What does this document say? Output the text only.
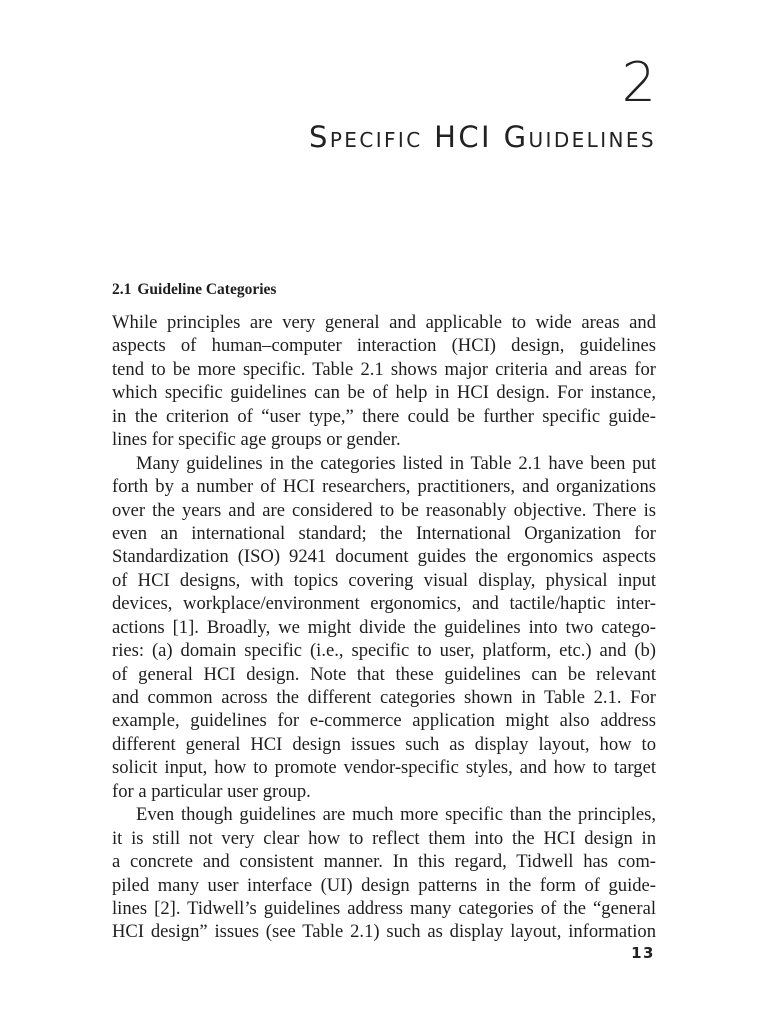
2
Specific HCI Guidelines
2.1 Guideline Categories
While principles are very general and applicable to wide areas and
aspects of human–computer interaction (HCI) design, guidelines
tend to be more specific. Table 2.1 shows major criteria and areas for
which specific guidelines can be of help in HCI design. For instance,
in the criterion of “user type,” there could be further specific guide-
lines for specific age groups or gender.
Many guidelines in the categories listed in Table 2.1 have been put
forth by a number of HCI researchers, practitioners, and organizations
over the years and are considered to be reasonably objective. There is
even an international standard; the International Organization for
Standardization (ISO) 9241 document guides the ergonomics aspects
of HCI designs, with topics covering visual display, physical input
devices, workplace/environment ergonomics, and tactile/haptic inter-
actions [1]. Broadly, we might divide the guidelines into two catego-
ries: (a) domain specific (i.e., specific to user, platform, etc.) and (b)
of general HCI design. Note that these guidelines can be relevant
and common across the different categories shown in Table 2.1. For
example, guidelines for e-commerce application might also address
different general HCI design issues such as display layout, how to
solicit input, how to promote vendor-specific styles, and how to target
for a particular user group.
Even though guidelines are much more specific than the principles,
it is still not very clear how to reflect them into the HCI design in
a concrete and consistent manner. In this regard, Tidwell has com-
piled many user interface (UI) design patterns in the form of guide-
lines [2]. Tidwell’s guidelines address many categories of the “general
HCI design” issues (see Table 2.1) such as display layout, information
13
